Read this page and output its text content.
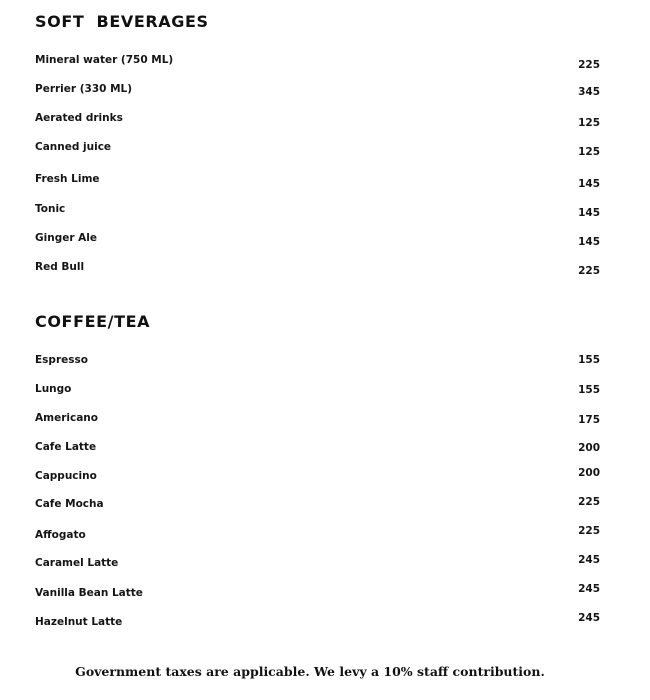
SOFT BEVERAGES
Mineral water (750 ML)	225
Perrier (330 ML)	345
Aerated drinks	125
Canned juice	125
Fresh Lime	145
Tonic	145
Ginger Ale	145
Red Bull	225
COFFEE/TEA
Espresso	155
Lungo	155
Americano	175
Cafe Latte	200
Cappucino	200
Cafe Mocha	225
Affogato	225
Caramel Latte	245
Vanilla Bean Latte	245
Hazelnut Latte	245
Government taxes are applicable. We levy a 10% staff contribution.
